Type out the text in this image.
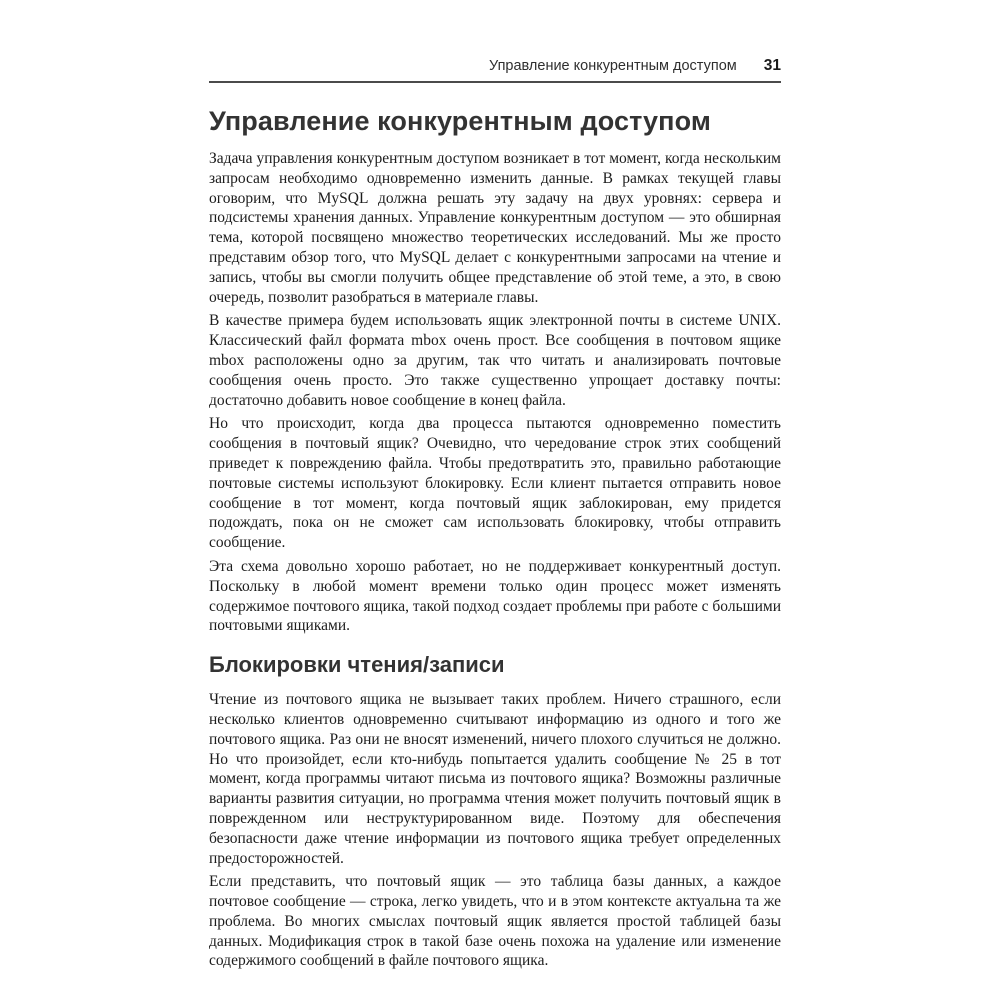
Управление конкурентным доступом 31
Управление конкурентным доступом

Задача управления конкурентным доступом возникает в тот момент, когда нескольким запросам необходимо одновременно изменить данные. В рамках текущей главы оговорим, что MySQL должна решать эту задачу на двух уровнях: сервера и подсистемы хранения данных. Управление конкурентным доступом — это обширная тема, которой посвящено множество теоретических исследований. Мы же просто представим обзор того, что MySQL делает с конкурентными запросами на чтение и запись, чтобы вы смогли получить общее представление об этой теме, а это, в свою очередь, позволит разобраться в материале главы.

В качестве примера будем использовать ящик электронной почты в системе UNIX. Классический файл формата mbox очень прост. Все сообщения в почтовом ящике mbox расположены одно за другим, так что читать и анализировать почтовые сообщения очень просто. Это также существенно упрощает доставку почты: достаточно добавить новое сообщение в конец файла.

Но что происходит, когда два процесса пытаются одновременно поместить сообщения в почтовый ящик? Очевидно, что чередование строк этих сообщений приведет к повреждению файла. Чтобы предотвратить это, правильно работающие почтовые системы используют блокировку. Если клиент пытается отправить новое сообщение в тот момент, когда почтовый ящик заблокирован, ему придется подождать, пока он не сможет сам использовать блокировку, чтобы отправить сообщение.

Эта схема довольно хорошо работает, но не поддерживает конкурентный доступ. Поскольку в любой момент времени только один процесс может изменять содержимое почтового ящика, такой подход создает проблемы при работе с большими почтовыми ящиками.

Блокировки чтения/записи

Чтение из почтового ящика не вызывает таких проблем. Ничего страшного, если несколько клиентов одновременно считывают информацию из одного и того же почтового ящика. Раз они не вносят изменений, ничего плохого случиться не должно. Но что произойдет, если кто-нибудь попытается удалить сообщение № 25 в тот момент, когда программы читают письма из почтового ящика? Возможны различные варианты развития ситуации, но программа чтения может получить почтовый ящик в поврежденном или неструктурированном виде. Поэтому для обеспечения безопасности даже чтение информации из почтового ящика требует определенных предосторожностей.

Если представить, что почтовый ящик — это таблица базы данных, а каждое почтовое сообщение — строка, легко увидеть, что и в этом контексте актуальна та же проблема. Во многих смыслах почтовый ящик является простой таблицей базы данных. Модификация строк в такой базе очень похожа на удаление или изменение содержимого сообщений в файле почтового ящика.
